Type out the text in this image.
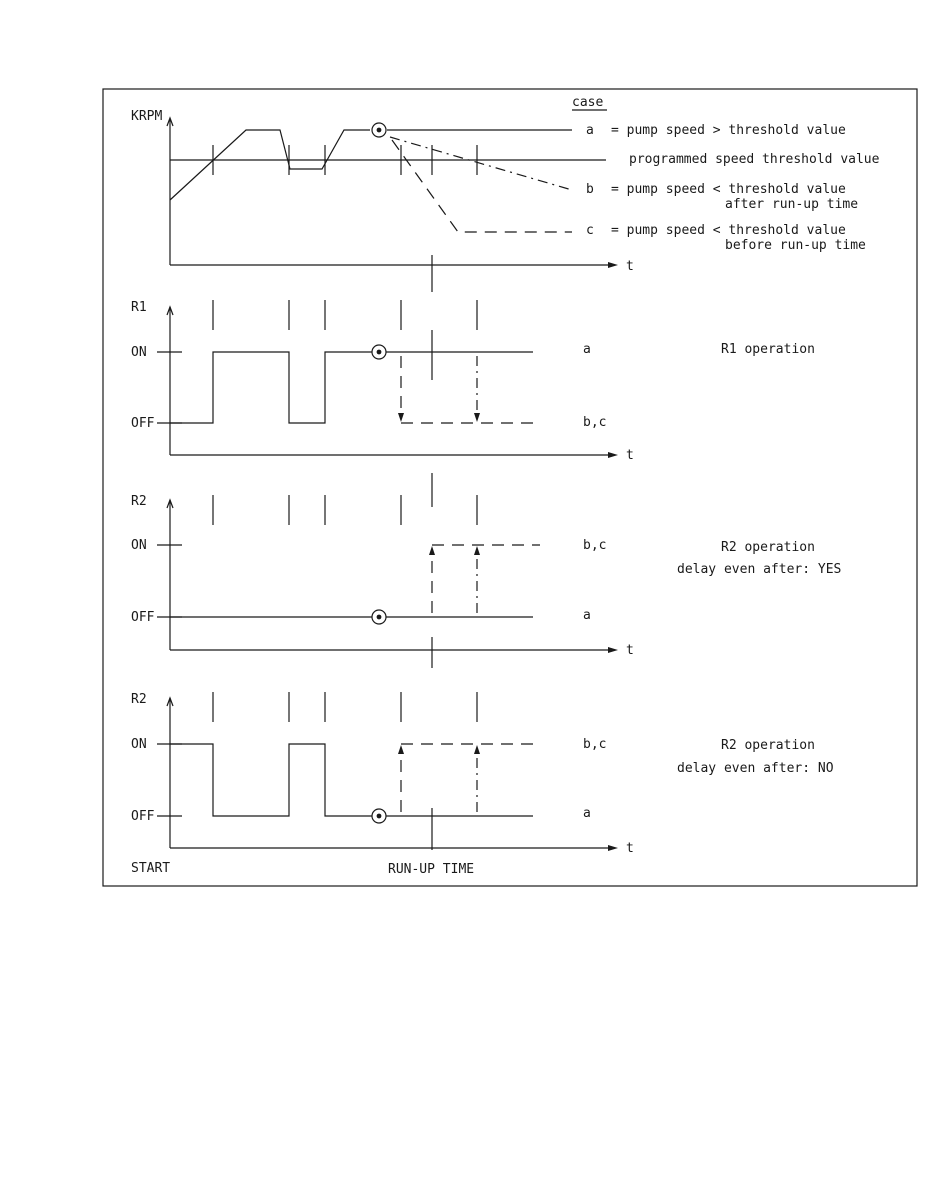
KRPM
t
case
a = pump speed > threshold value
programmed speed threshold value
b = pump speed < threshold value
after run-up time
c = pump speed < threshold value
before run-up time
R1
t
ON
OFF
a
b,c
R1 operation
R2
t
ON
OFF
b,c
a
R2 operation
delay even after: YES
R2
t
ON
OFF
b,c
a
R2 operation
delay even after: NO
START	RUN-UP TIME
